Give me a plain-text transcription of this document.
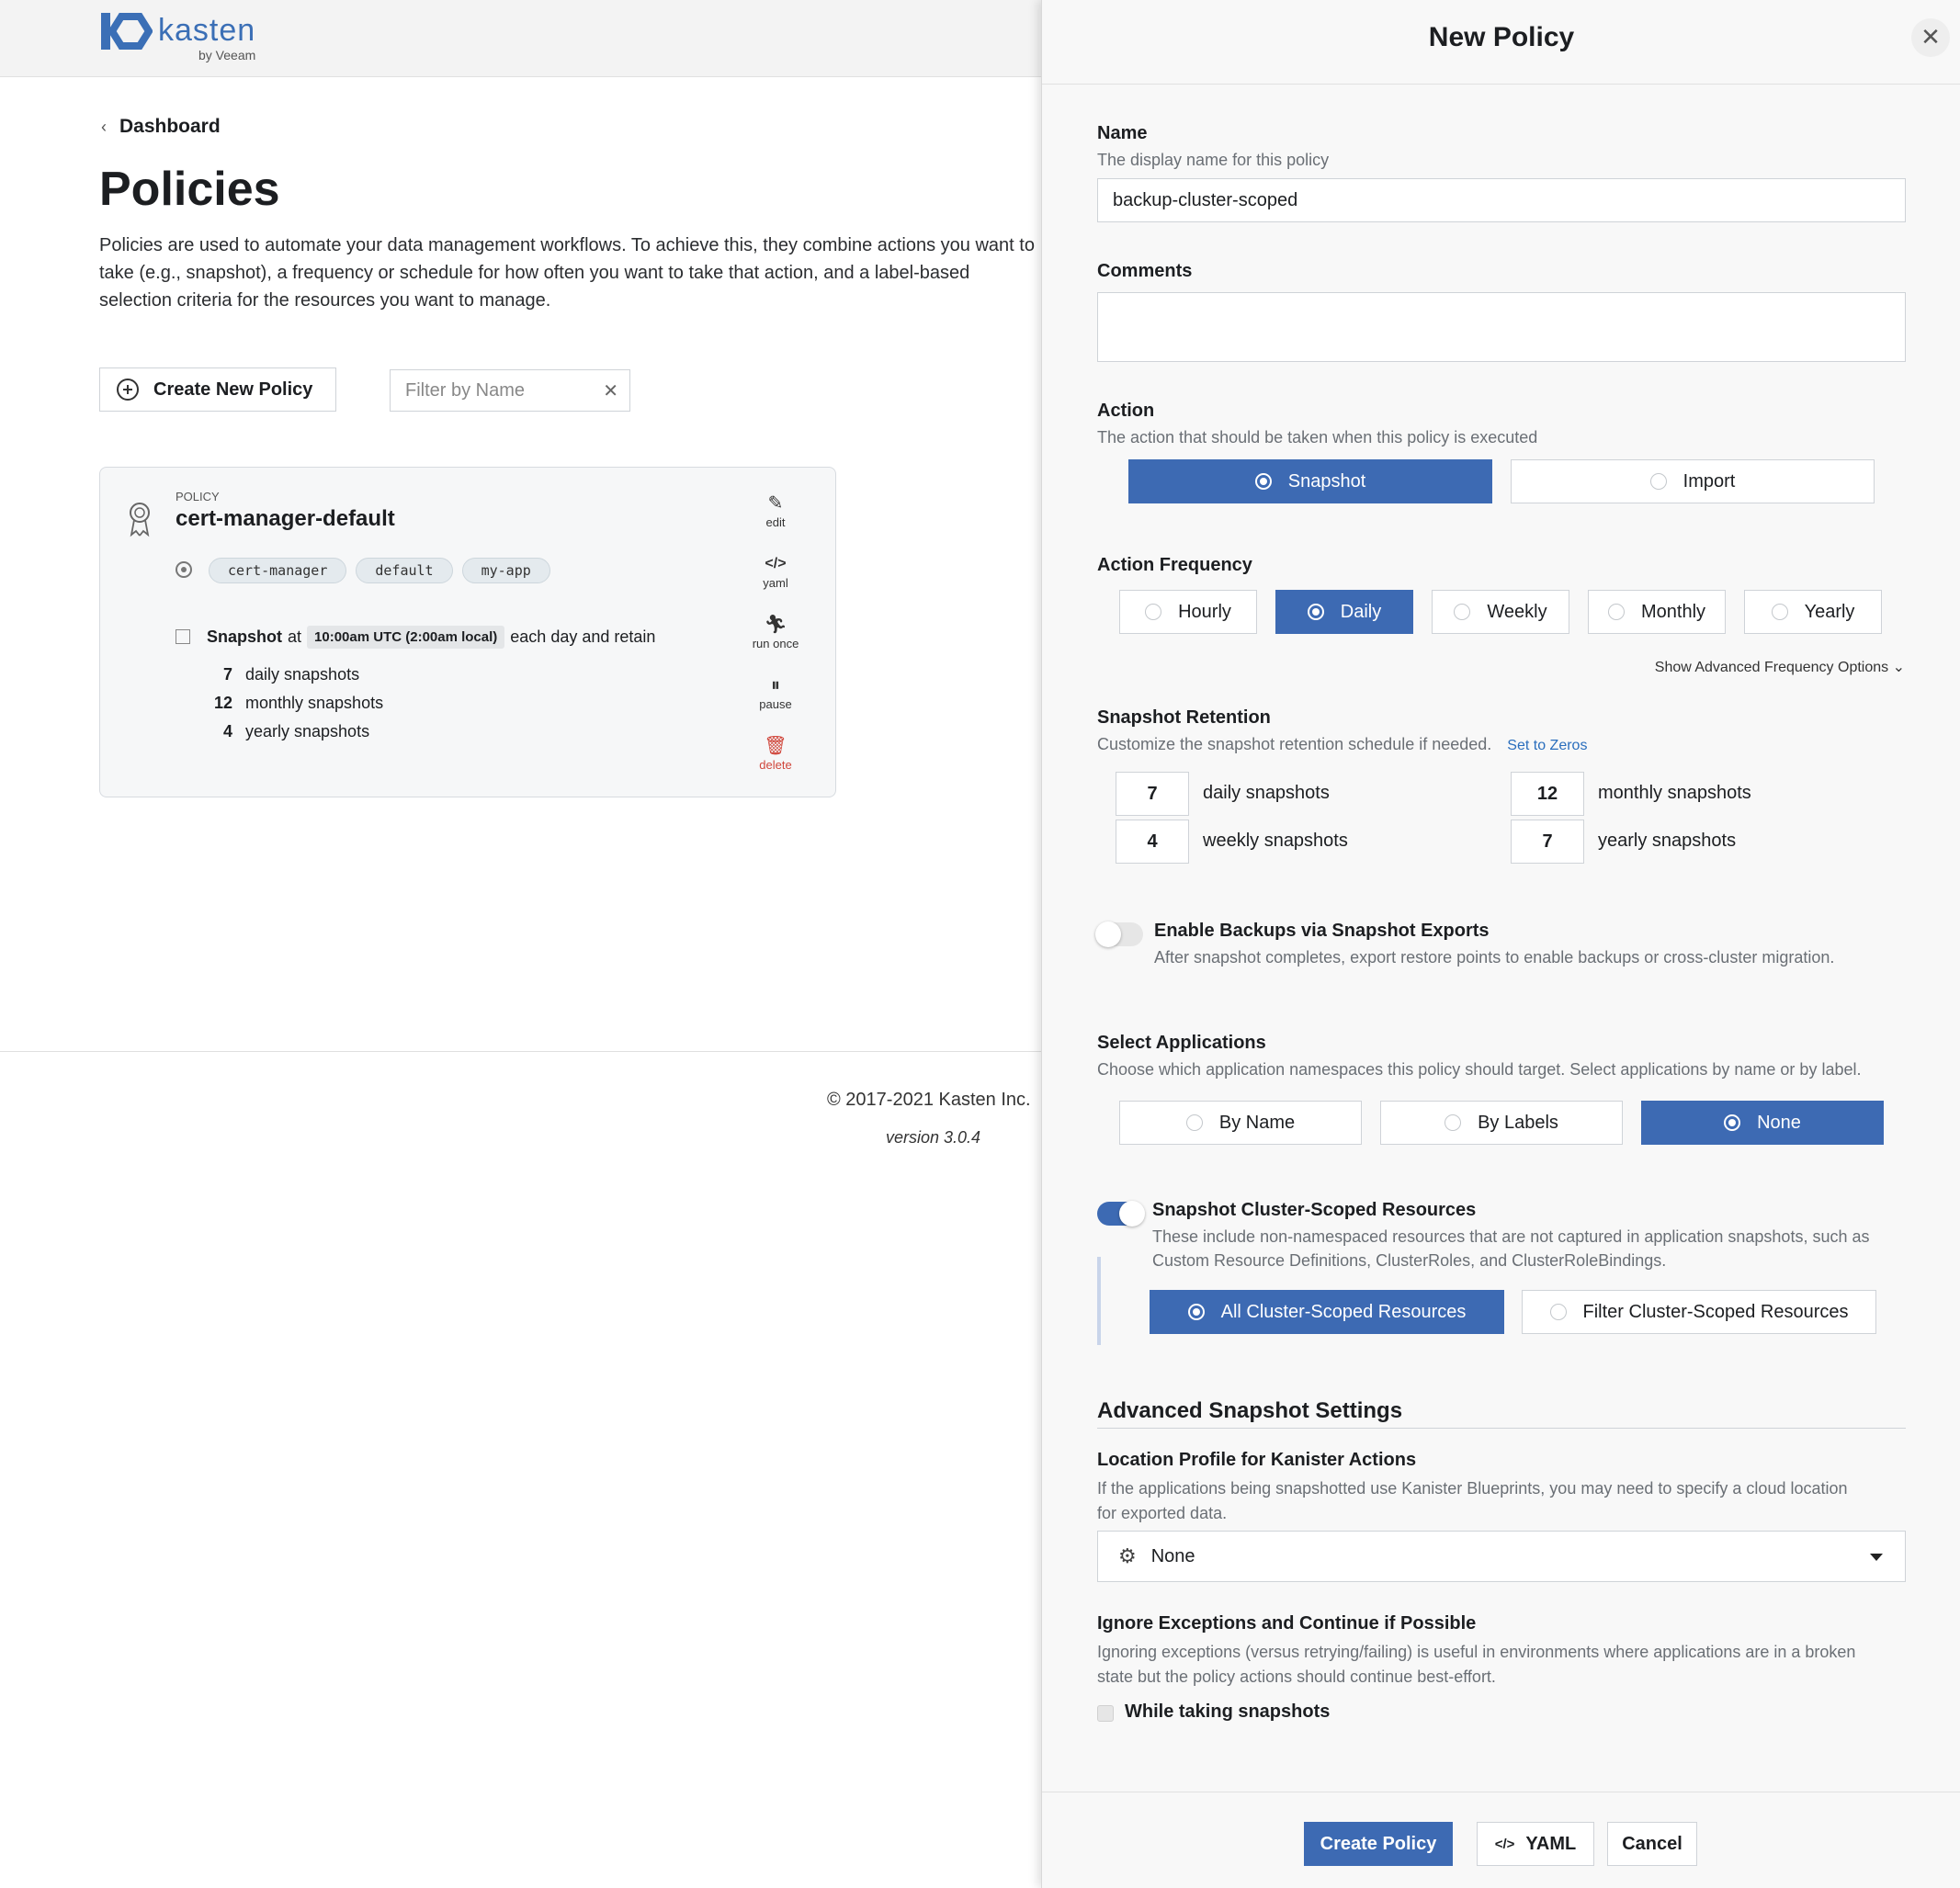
kasten
by Veeam
‹ Dashboard
Policies
Policies are used to automate your data management workflows. To achieve this, they combine actions you want to take (e.g., snapshot), a frequency or schedule for how often you want to take that action, and a label-based selection criteria for the resources you want to manage.
Create New Policy	Filter by Name	✕
POLICY
cert-manager-default
cert-manager	default	my-app
Snapshot at 10:00am UTC (2:00am local) each day and retain
7 daily snapshots
12 monthly snapshots
4 yearly snapshots
✎
edit
</>
yaml
🏃︎
run once
⏸︎
pause
🗑︎
delete
© 2017-2021 Kasten Inc.
version 3.0.4
New Policy	✕
Name
The display name for this policy
backup-cluster-scoped
Comments
Action
The action that should be taken when this policy is executed
Snapshot	Import
Action Frequency
Hourly	Daily	Weekly	Monthly	Yearly
Show Advanced Frequency Options ⌄
Snapshot Retention
Customize the snapshot retention schedule if needed. Set to Zeros
7	daily snapshots
4	weekly snapshots
12	monthly snapshots
7	yearly snapshots
Enable Backups via Snapshot Exports
After snapshot completes, export restore points to enable backups or cross-cluster migration.
Select Applications
Choose which application namespaces this policy should target. Select applications by name or by label.
By Name	By Labels	None
Snapshot Cluster-Scoped Resources
These include non-namespaced resources that are not captured in application snapshots, such as
Custom Resource Definitions, ClusterRoles, and ClusterRoleBindings.
All Cluster-Scoped Resources	Filter Cluster-Scoped Resources
Advanced Snapshot Settings
Location Profile for Kanister Actions
If the applications being snapshotted use Kanister Blueprints, you may need to specify a cloud location
for exported data.
⚙ None
Ignore Exceptions and Continue if Possible
Ignoring exceptions (versus retrying/failing) is useful in environments where applications are in a broken
state but the policy actions should continue best-effort.
While taking snapshots
Create Policy	</> YAML Cancel
